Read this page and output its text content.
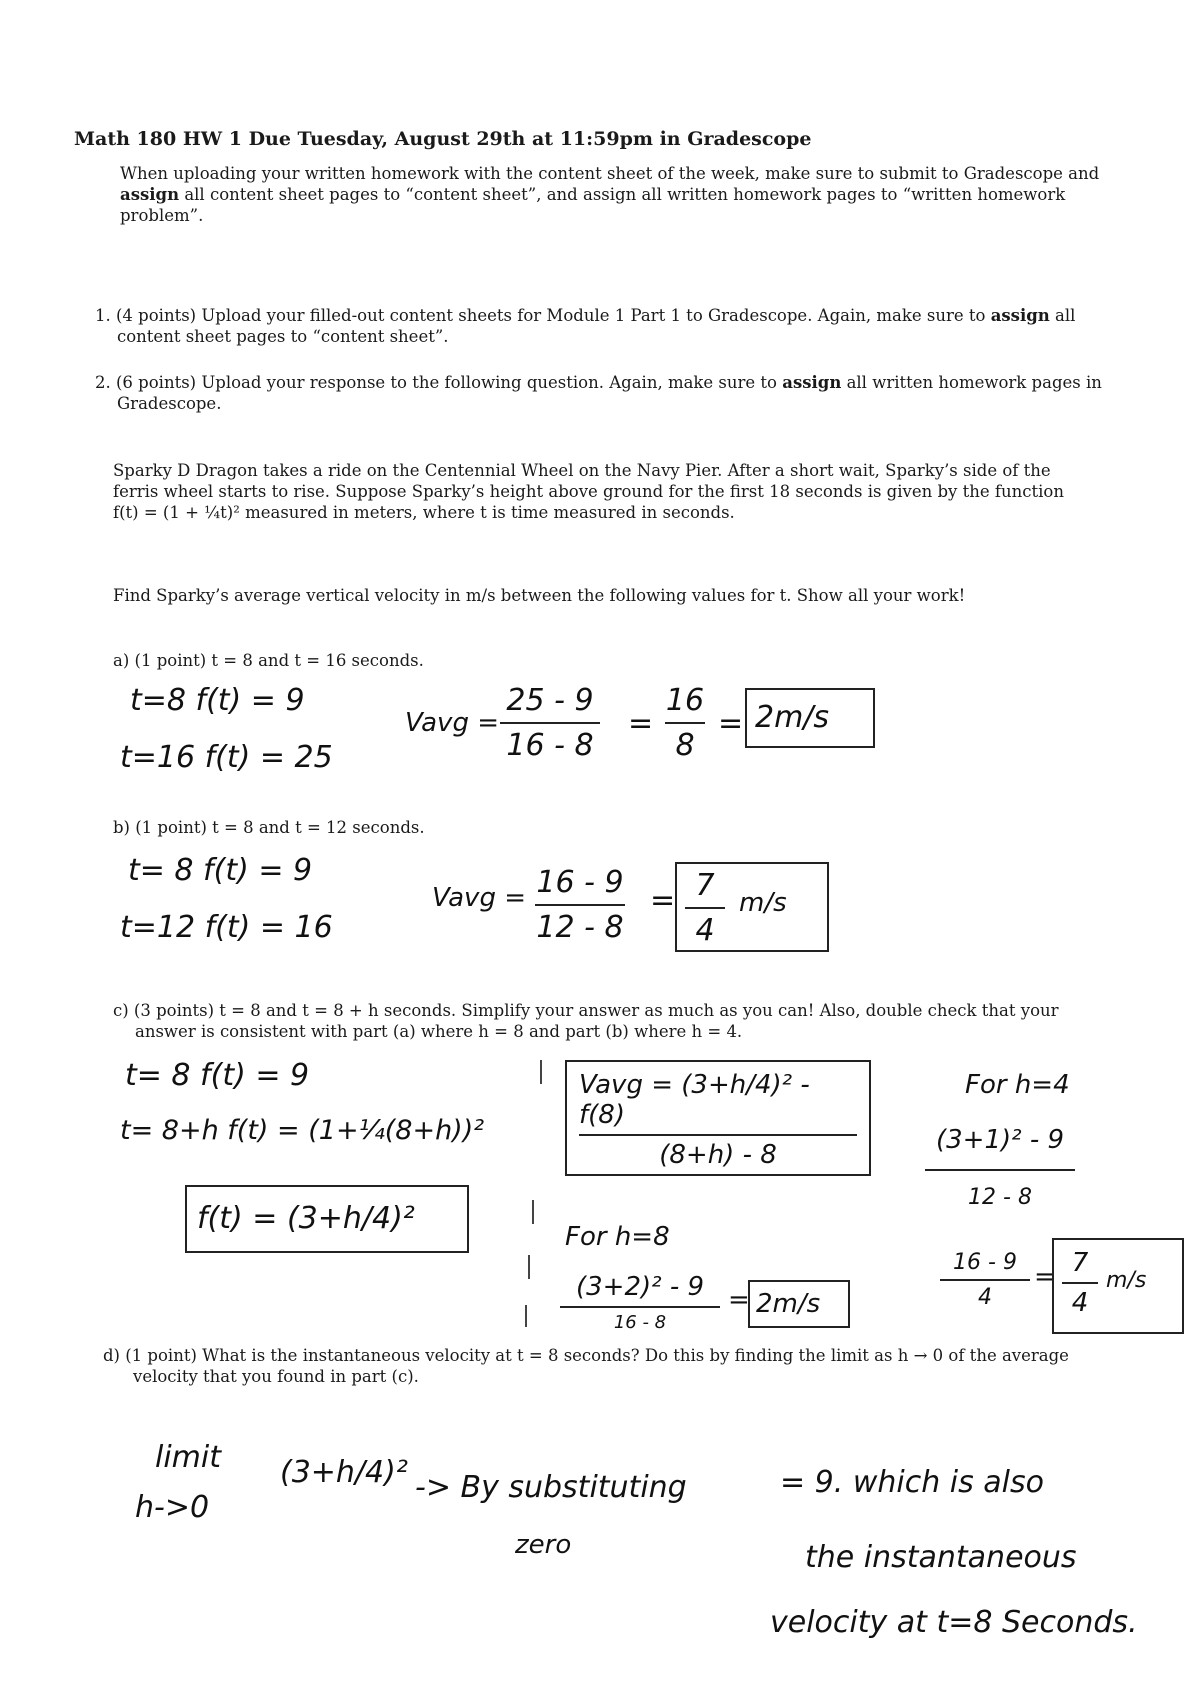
Math 180 HW 1 Due Tuesday, August 29th at 11:59pm in Gradescope
When uploading your written homework with the content sheet of the week, make sure to submit to Gradescope and
assign all content sheet pages to “content sheet”, and assign all written homework pages to “written homework
problem”.
1. (4 points) Upload your filled-out content sheets for Module 1 Part 1 to Gradescope. Again, make sure to assign all
content sheet pages to “content sheet”.
2. (6 points) Upload your response to the following question. Again, make sure to assign all written homework pages in
Gradescope.
Sparky D Dragon takes a ride on the Centennial Wheel on the Navy Pier. After a short wait, Sparky’s side of the
ferris wheel starts to rise. Suppose Sparky’s height above ground for the first 18 seconds is given by the function
f(t) = (1 + ¼t)² measured in meters, where t is time measured in seconds.
Find Sparky’s average vertical velocity in m/s between the following values for t. Show all your work!
a) (1 point) t = 8 and t = 16 seconds.
t=8 f(t) = 9
t=16 f(t) = 25
Vavg =
25 - 9
16 - 8
=
16
8
= 2m/s
b) (1 point) t = 8 and t = 12 seconds.
t= 8 f(t) = 9
t=12 f(t) = 16
Vavg = 16 - 9
12 - 8
= 7
4
m/s
c) (3 points) t = 8 and t = 8 + h seconds. Simplify your answer as much as you can! Also, double check that your
answer is consistent with part (a) where h = 8 and part (b) where h = 4.
t= 8 f(t) = 9
t= 8+h f(t) = (1+¼(8+h))²
f(t) = (3+h/4)²
Vavg = (3+h/4)² - f(8)
(8+h) - 8
For h=8
(3+2)² - 9
16 - 8
= 2m/s
For h=4
(3+1)² - 9
12 - 8
16 - 9
4
= 7
4
m/s
d) (1 point) What is the instantaneous velocity at t = 8 seconds? Do this by finding the limit as h → 0 of the average
velocity that you found in part (c).
limit
h->0
(3+h/4)² -> By substituting
zero
= 9. which is also
the instantaneous
velocity at t=8 Seconds.
